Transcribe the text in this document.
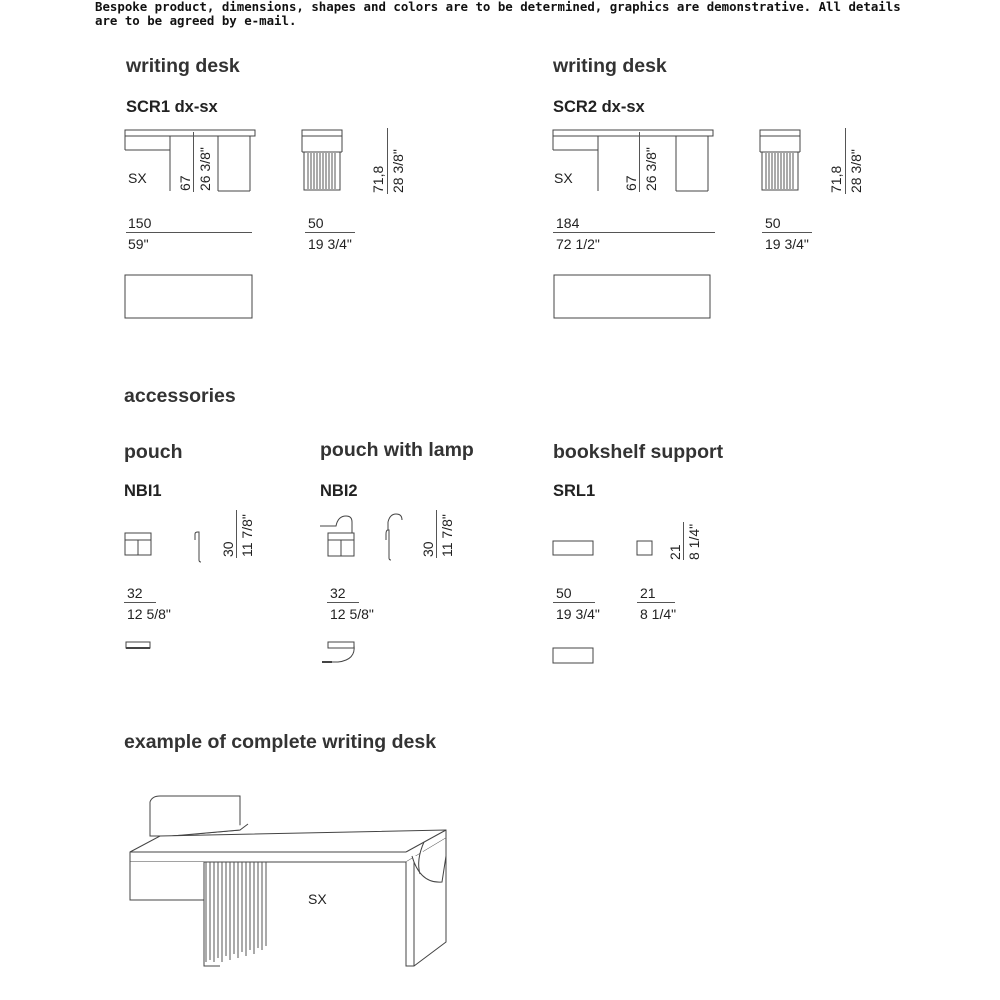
Bespoke product, dimensions, shapes and colors are to be determined, graphics are demonstrative. All details are to be agreed by e-mail.
writing desk
SCR1 dx-sx
SX 67 26 3/8"	71,8 28 3/8"
150
59"
50
19 3/4"
writing desk
SCR2 dx-sx
SX	67 26 3/8"	71,8 28 3/8"
184
72 1/2"
50
19 3/4"
accessories
pouch
NBI1
30 11 7/8"
32
12 5/8"
pouch with lamp
NBI2
30 11 7/8"
32
12 5/8"
bookshelf support
SRL1
21 8 1/4"
50
19 3/4"
21
8 1/4"
example of complete writing desk
SX
